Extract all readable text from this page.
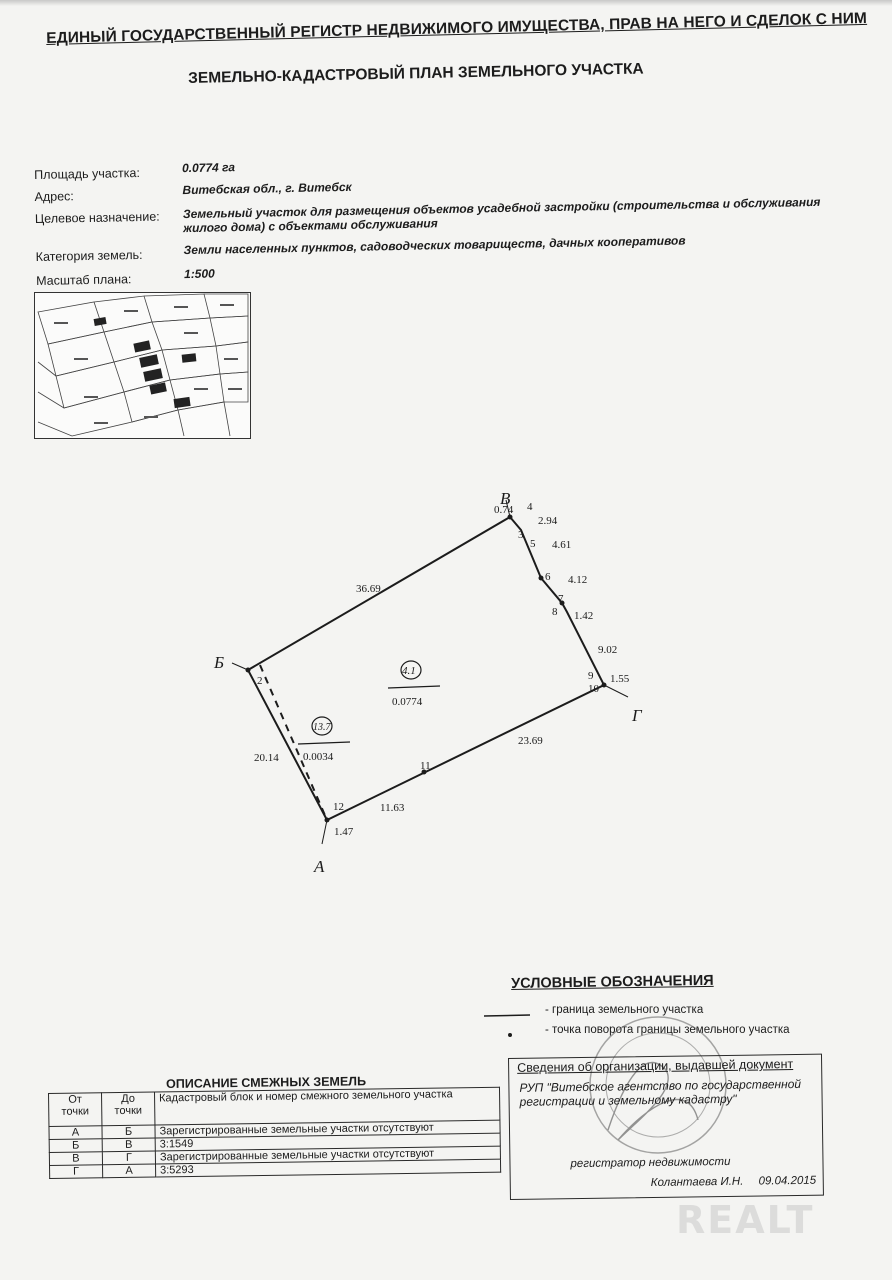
ЕДИНЫЙ ГОСУДАРСТВЕННЫЙ РЕГИСТР НЕДВИЖИМОГО ИМУЩЕСТВА, ПРАВ НА НЕГО И СДЕЛОК С НИМ
ЗЕМЕЛЬНО-КАДАСТРОВЫЙ ПЛАН ЗЕМЕЛЬНОГО УЧАСТКА
Площадь участка:	0.0774 га
Адрес:	Витебская обл., г. Витебск
Целевое назначение: Земельный участок для размещения объектов усадебной застройки (строительства и обслуживания жилого дома) с объектами обслуживания
Категория земель:	Земли населенных пунктов, садоводческих товариществ, дачных кооперативов
Масштаб плана:	1:500
А
Б
В
Г
2
3
4
5
6
7
8
9
10
11
12
36.69
0.74
2.94
4.61
4.12
1.42
9.02
1.55
23.69
11.63
1.47
20.14
4.1
0.0774
13.7
0.0034
УСЛОВНЫЕ ОБОЗНАЧЕНИЯ
- граница земельного участка
- точка поворота границы земельного участка
ОПИСАНИЕ СМЕЖНЫХ ЗЕМЕЛЬ
От точки	До точки	Кадастровый блок и номер смежного земельного участка
А	Б	Зарегистрированные земельные участки отсутствуют
Б	В	3:1549
В	Г	Зарегистрированные земельные участки отсутствуют
Г	А	3:5293
Сведения об организации, выдавшей документ
РУП "Витебское агентство по государственной регистрации и земельному кадастру"
регистратор недвижимости
Колантаева И.Н. 09.04.2015
REALT
